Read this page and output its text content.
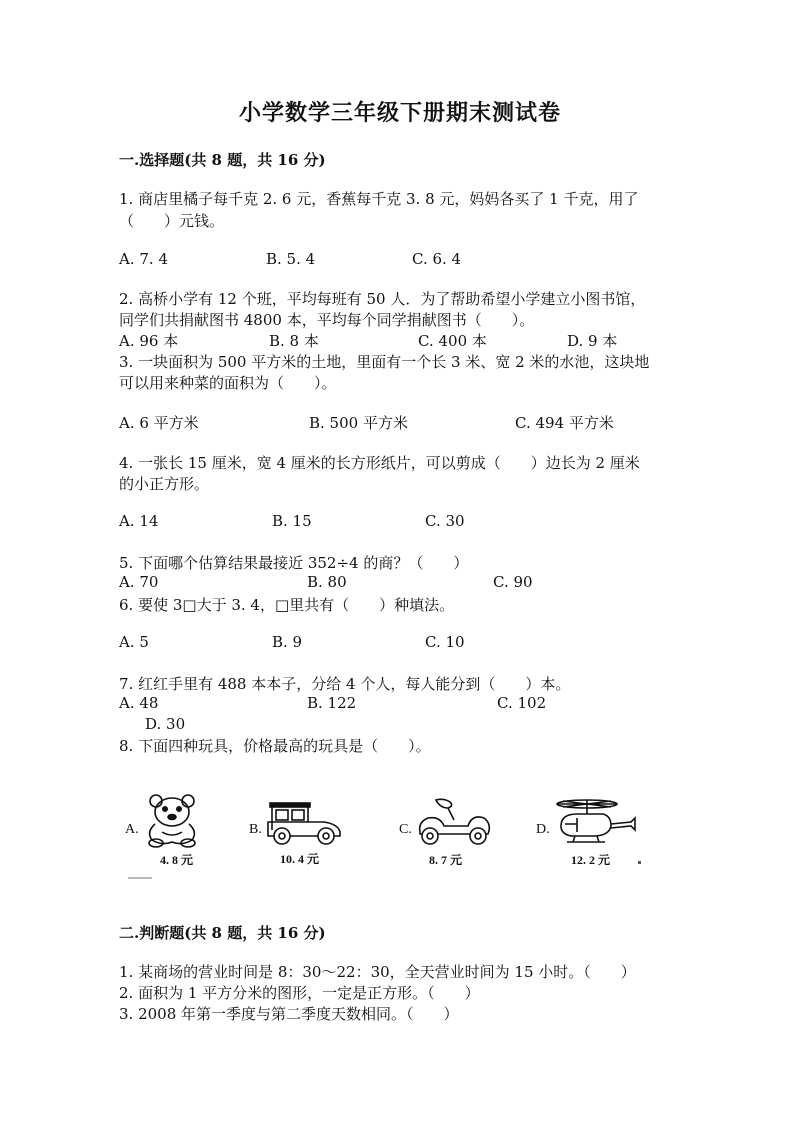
小学数学三年级下册期末测试卷
一.选择题(共 8 题，共 16 分)
1. 商店里橘子每千克 2. 6 元，香蕉每千克 3. 8 元，妈妈各买了 1 千克，用了
（　　）元钱。
A. 7. 4	B. 5. 4	C. 6. 4
2. 高桥小学有 12 个班，平均每班有 50 人．为了帮助希望小学建立小图书馆，
同学们共捐献图书 4800 本，平均每个同学捐献图书（　　）。
A. 96 本	B. 8 本	C. 400 本	D. 9 本
3. 一块面积为 500 平方米的土地，里面有一个长 3 米、宽 2 米的水池，这块地
可以用来种菜的面积为（　　）。
A. 6 平方米	B. 500 平方米	C. 494 平方米
4. 一张长 15 厘米，宽 4 厘米的长方形纸片，可以剪成（　　）边长为 2 厘米
的小正方形。
A. 14	B. 15	C. 30
5. 下面哪个估算结果最接近 352÷4 的商？（　　）
A. 70	B. 80	C. 90
6. 要使 3□大于 3. 4，□里共有（　　）种填法。
A. 5	B. 9	C. 10
7. 红红手里有 488 本本子，分给 4 个人，每人能分到（　　）本。
A. 48	B. 122	C. 102
D. 30
8. 下面四种玩具，价格最高的玩具是（　　）。
A.
4. 8 元
B.
10. 4 元
C.
8. 7 元
D.
12. 2 元
二.判断题(共 8 题，共 16 分)
1. 某商场的营业时间是 8：30～22：30，全天营业时间为 15 小时。（　　）
2. 面积为 1 平方分米的图形，一定是正方形。（　　）
3. 2008 年第一季度与第二季度天数相同。（　　）
